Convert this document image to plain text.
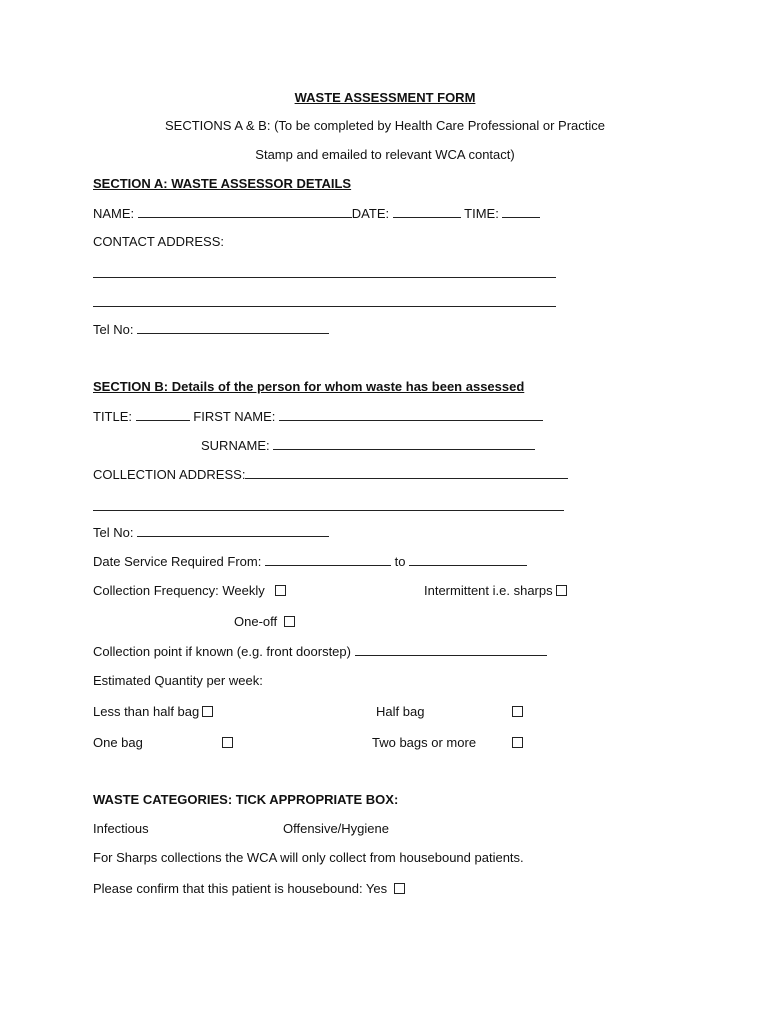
WASTE ASSESSMENT FORM
SECTIONS A & B: (To be completed by Health Care Professional or Practice
Stamp and emailed to relevant WCA contact)
SECTION A: WASTE ASSESSOR DETAILS
NAME:	DATE:	TIME:
CONTACT ADDRESS:
Tel No:
SECTION B: Details of the person for whom waste has been assessed
TITLE:	FIRST NAME:
SURNAME:
COLLECTION ADDRESS:
Tel No:
Date Service Required From:	to
Collection Frequency: Weekly	Intermittent i.e. sharps
One-off
Collection point if known (e.g. front doorstep)
Estimated Quantity per week:
Less than half bag	Half bag
One bag	Two bags or more
WASTE CATEGORIES: TICK APPROPRIATE BOX:
Infectious	Offensive/Hygiene
For Sharps collections the WCA will only collect from housebound patients.
Please confirm that this patient is housebound: Yes
